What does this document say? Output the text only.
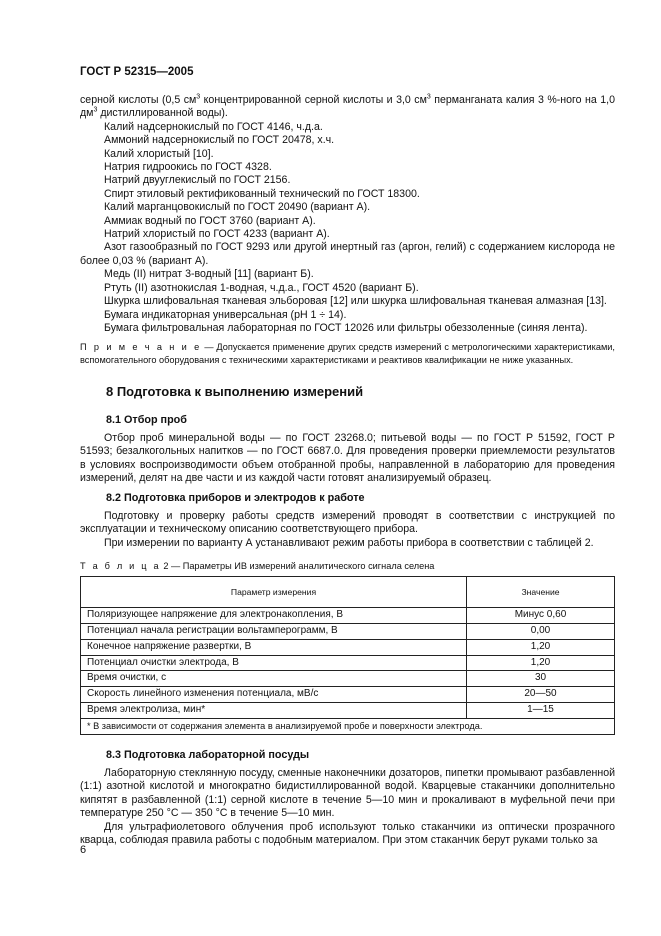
ГОСТ Р 52315—2005

серной кислоты (0,5 $см^3$ концентрированной серной кислоты и 3,0 $см^3$ перманганата калия 3 %-ного на 1,0 $дм^3$ дистиллированной воды).

Калий надсернокислый по ГОСТ 4146, ч.д.а.

Аммоний надсернокислый по ГОСТ 20478, х.ч.

Калий хлористый [10].

Натрия гидроокись по ГОСТ 4328.

Натрий двууглекислый по ГОСТ 2156.

Спирт этиловый ректификованный технический по ГОСТ 18300.

Калий марганцовокислый по ГОСТ 20490 (вариант А).

Аммиак водный по ГОСТ 3760 (вариант А).

Натрий хлористый по ГОСТ 4233 (вариант А).

Азот газообразный по ГОСТ 9293 или другой инертный газ (аргон, гелий) с содержанием кислорода не более 0,03 % (вариант А).

Медь (II) нитрат 3-водный [11] (вариант Б).

Ртуть (II) азотнокислая 1-водная, ч.д.а., ГОСТ 4520 (вариант Б).

Шкурка шлифовальная тканевая эльборовая [12] или шкурка шлифовальная тканевая алмазная [13].

Бумага индикаторная универсальная (рН 1 ÷ 14).

Бумага фильтровальная лабораторная по ГОСТ 12026 или фильтры обеззоленные (синяя лента).

П р и м е ч а н и е — Допускается применение других средств измерений с метрологическими характеристиками, вспомогательного оборудования с техническими характеристиками и реактивов квалификации не ниже указанных.

8 Подготовка к выполнению измерений
8.1 Отбор проб

Отбор проб минеральной воды — по ГОСТ 23268.0; питьевой воды — по ГОСТ Р 51592, ГОСТ Р 51593; безалкогольных напитков — по ГОСТ 6687.0. Для проведения проверки приемлемости результатов в условиях воспроизводимости объем отобранной пробы, направленной в лабораторию для проведения измерений, делят на две части и из каждой части готовят анализируемый образец.

8.2 Подготовка приборов и электродов к работе

Подготовку и проверку работы средств измерений проводят в соответствии с инструкцией по эксплуатации и техническому описанию соответствующего прибора.

При измерении по варианту А устанавливают режим работы прибора в соответствии с таблицей 2.

Т а б л и ц а 2 — Параметры ИВ измерений аналитического сигнала селена
Параметр измерения	Значение
Поляризующее напряжение для электронакопления, В	Минус 0,60
Потенциал начала регистрации вольтамперограмм, В	0,00
Конечное напряжение развертки, В	1,20
Потенциал очистки электрода, В	1,20
Время очистки, с	30
Скорость линейного изменения потенциала, мВ/с	20—50
Время электролиза, мин*	1—15
* В зависимости от содержания элемента в анализируемой пробе и поверхности электрода.	
8.3 Подготовка лабораторной посуды

Лабораторную стеклянную посуду, сменные наконечники дозаторов, пипетки промывают разбавленной (1:1) азотной кислотой и многократно бидистиллированной водой. Кварцевые стаканчики дополнительно кипятят в разбавленной (1:1) серной кислоте в течение 5—10 мин и прокаливают в муфельной печи при температуре 250 °С — 350 °С в течение 5—10 мин.

Для ультрафиолетового облучения проб используют только стаканчики из оптически прозрачного кварца, соблюдая правила работы с подобным материалом. При этом стаканчик берут руками только за

6
